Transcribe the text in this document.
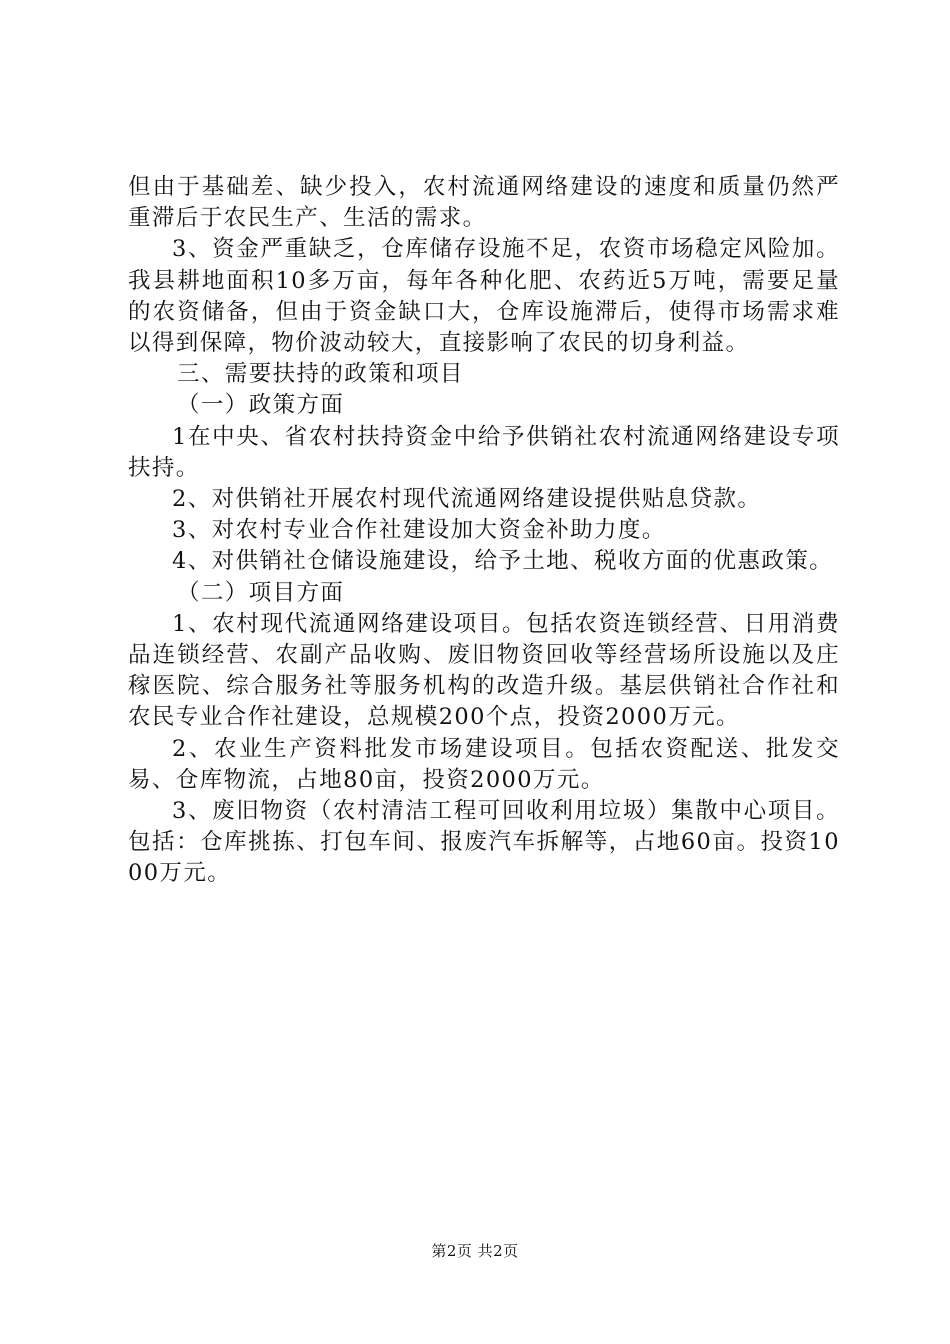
但由于基础差、缺少投入，农村流通网络建设的速度和质量仍然严重滞后于农民生产、生活的需求。

3、资金严重缺乏，仓库储存设施不足，农资市场稳定风险加。我县耕地面积10多万亩，每年各种化肥、农药近5万吨，需要足量的农资储备，但由于资金缺口大，仓库设施滞后，使得市场需求难以得到保障，物价波动较大，直接影响了农民的切身利益。

三、需要扶持的政策和项目

（一）政策方面

1在中央、省农村扶持资金中给予供销社农村流通网络建设专项扶持。

2、对供销社开展农村现代流通网络建设提供贴息贷款。

3、对农村专业合作社建设加大资金补助力度。

4、对供销社仓储设施建设，给予土地、税收方面的优惠政策。

（二）项目方面

1、农村现代流通网络建设项目。包括农资连锁经营、日用消费品连锁经营、农副产品收购、废旧物资回收等经营场所设施以及庄稼医院、综合服务社等服务机构的改造升级。基层供销社合作社和农民专业合作社建设，总规模200个点，投资2000万元。

2、农业生产资料批发市场建设项目。包括农资配送、批发交易、仓库物流，占地80亩，投资2000万元。

3、废旧物资（农村清洁工程可回收利用垃圾）集散中心项目。包括：仓库挑拣、打包车间、报废汽车拆解等，占地60亩。投资1000万元。

第2页 共2页
